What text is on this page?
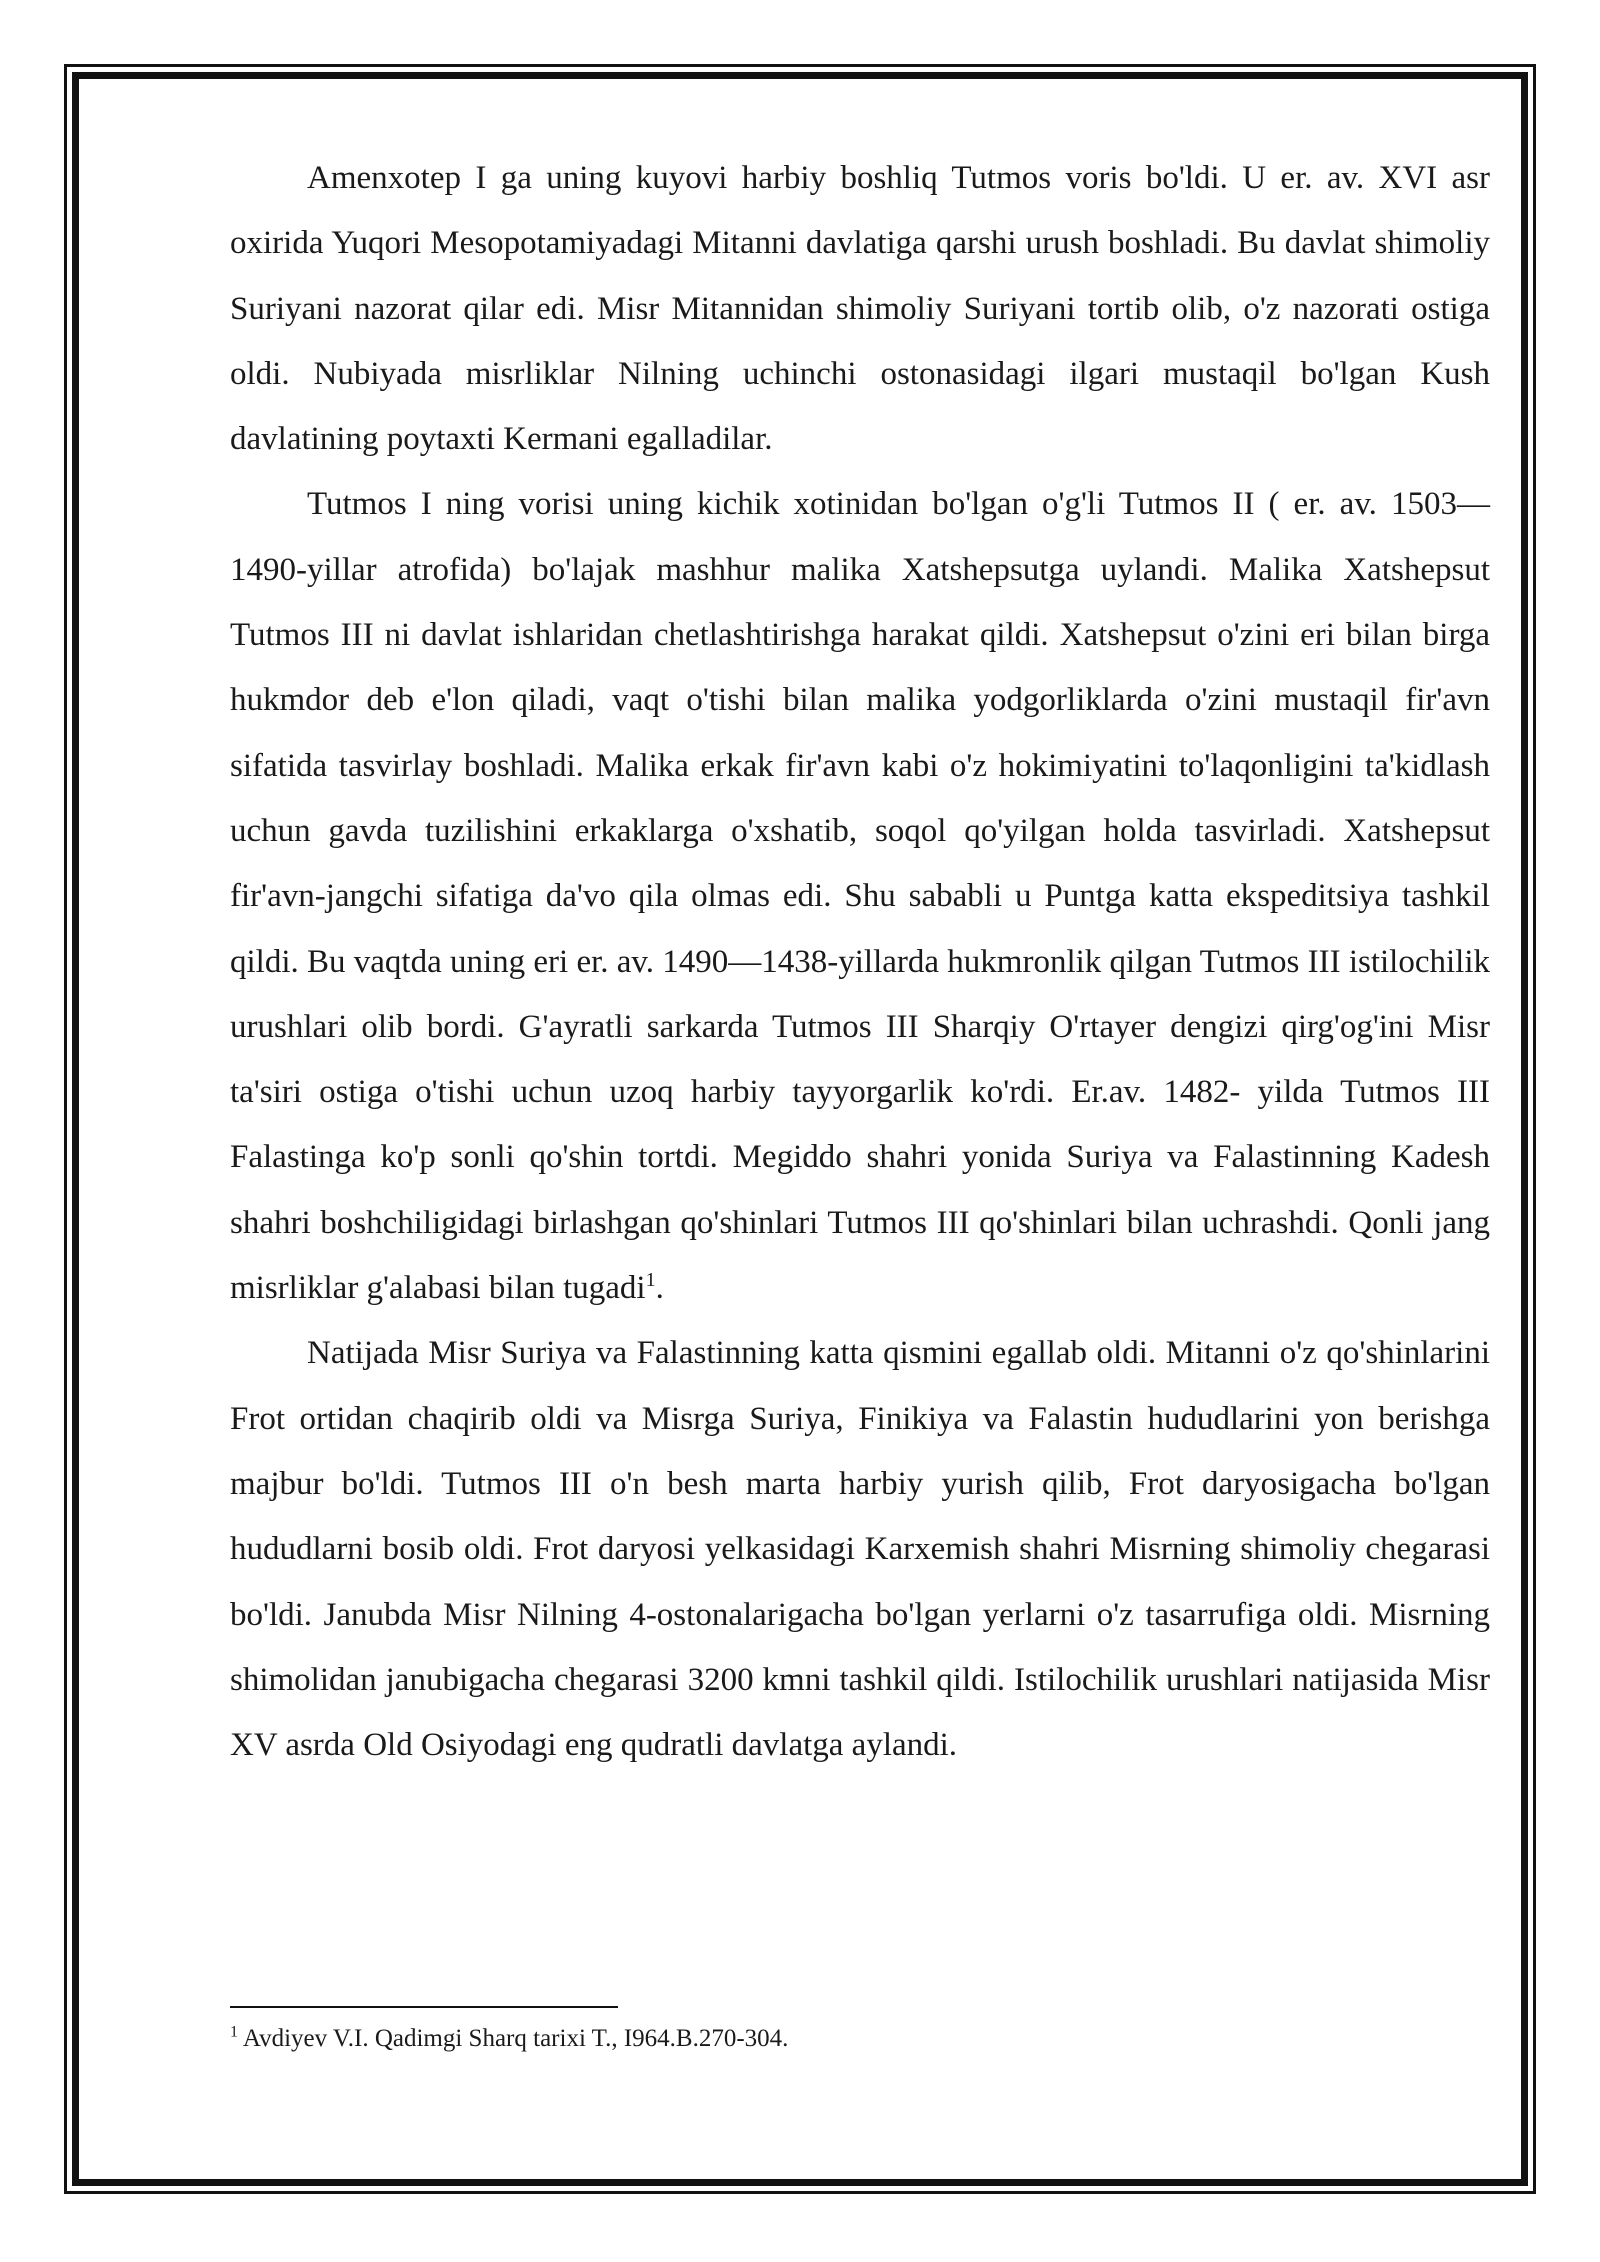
Amenxotep I ga uning kuyovi harbiy boshliq Tutmos voris bo'ldi. U er. av. XVI asr oxirida Yuqori Mesopotamiyadagi Mitanni davlatiga qarshi urush boshladi. Bu davlat shimoliy Suriyani nazorat qilar edi. Misr Mitannidan shimoliy Suriyani tortib olib, o'z nazorati ostiga oldi. Nubiyada misrliklar Nilning uchinchi ostonasidagi ilgari mustaqil bo'lgan Kush davlatining poytaxti Kermani egalladilar.

Tutmos I ning vorisi uning kichik xotinidan bo'lgan o'g'li Tutmos II ( er. av. 1503— 1490-yillar atrofida) bo'lajak mashhur malika Xatshepsutga uylandi. Malika Xatshepsut Tutmos III ni davlat ishlaridan chetlashtirishga harakat qildi. Xatshepsut o'zini eri bilan birga hukmdor deb e'lon qiladi, vaqt o'tishi bilan malika yodgorliklarda o'zini mustaqil fir'avn sifatida tasvirlay boshladi. Malika erkak fir'avn kabi o'z hokimiyatini to'laqonligini ta'kidlash uchun gavda tuzilishini erkaklarga o'xshatib, soqol qo'yilgan holda tasvirladi. Xatshepsut fir'avn-jangchi sifatiga da'vo qila olmas edi. Shu sababli u Puntga katta ekspeditsiya tashkil qildi. Bu vaqtda uning eri er. av. 1490—1438-yillarda hukmronlik qilgan Tutmos III istilochilik urushlari olib bordi. G'ayratli sarkarda Tutmos III Sharqiy O'rtayer dengizi qirg'og'ini Misr ta'siri ostiga o'tishi uchun uzoq harbiy tayyorgarlik ko'rdi. Er.av. 1482- yilda Tutmos III Falastinga ko'p sonli qo'shin tortdi. Megiddo shahri yonida Suriya va Falastinning Kadesh shahri boshchiligidagi birlashgan qo'shinlari Tutmos III qo'shinlari bilan uchrashdi. Qonli jang misrliklar g'alabasi bilan tugadi$^1$.

Natijada Misr Suriya va Falastinning katta qismini egallab oldi. Mitanni o'z qo'shinlarini Frot ortidan chaqirib oldi va Misrga Suriya, Finikiya va Falastin hududlarini yon berishga majbur bo'ldi. Tutmos III o'n besh marta harbiy yurish qilib, Frot daryosigacha bo'lgan hududlarni bosib oldi. Frot daryosi yelkasidagi Karxemish shahri Misrning shimoliy chegarasi bo'ldi. Janubda Misr Nilning 4-ostonalarigacha bo'lgan yerlarni o'z tasarrufiga oldi. Misrning shimolidan janubigacha chegarasi 3200 kmni tashkil qildi. Istilochilik urushlari natijasida Misr XV asrda Old Osiyodagi eng qudratli davlatga aylandi.

$^1$ Avdiyev V.I. Qadimgi Sharq tarixi T., I964.B.270-304.
